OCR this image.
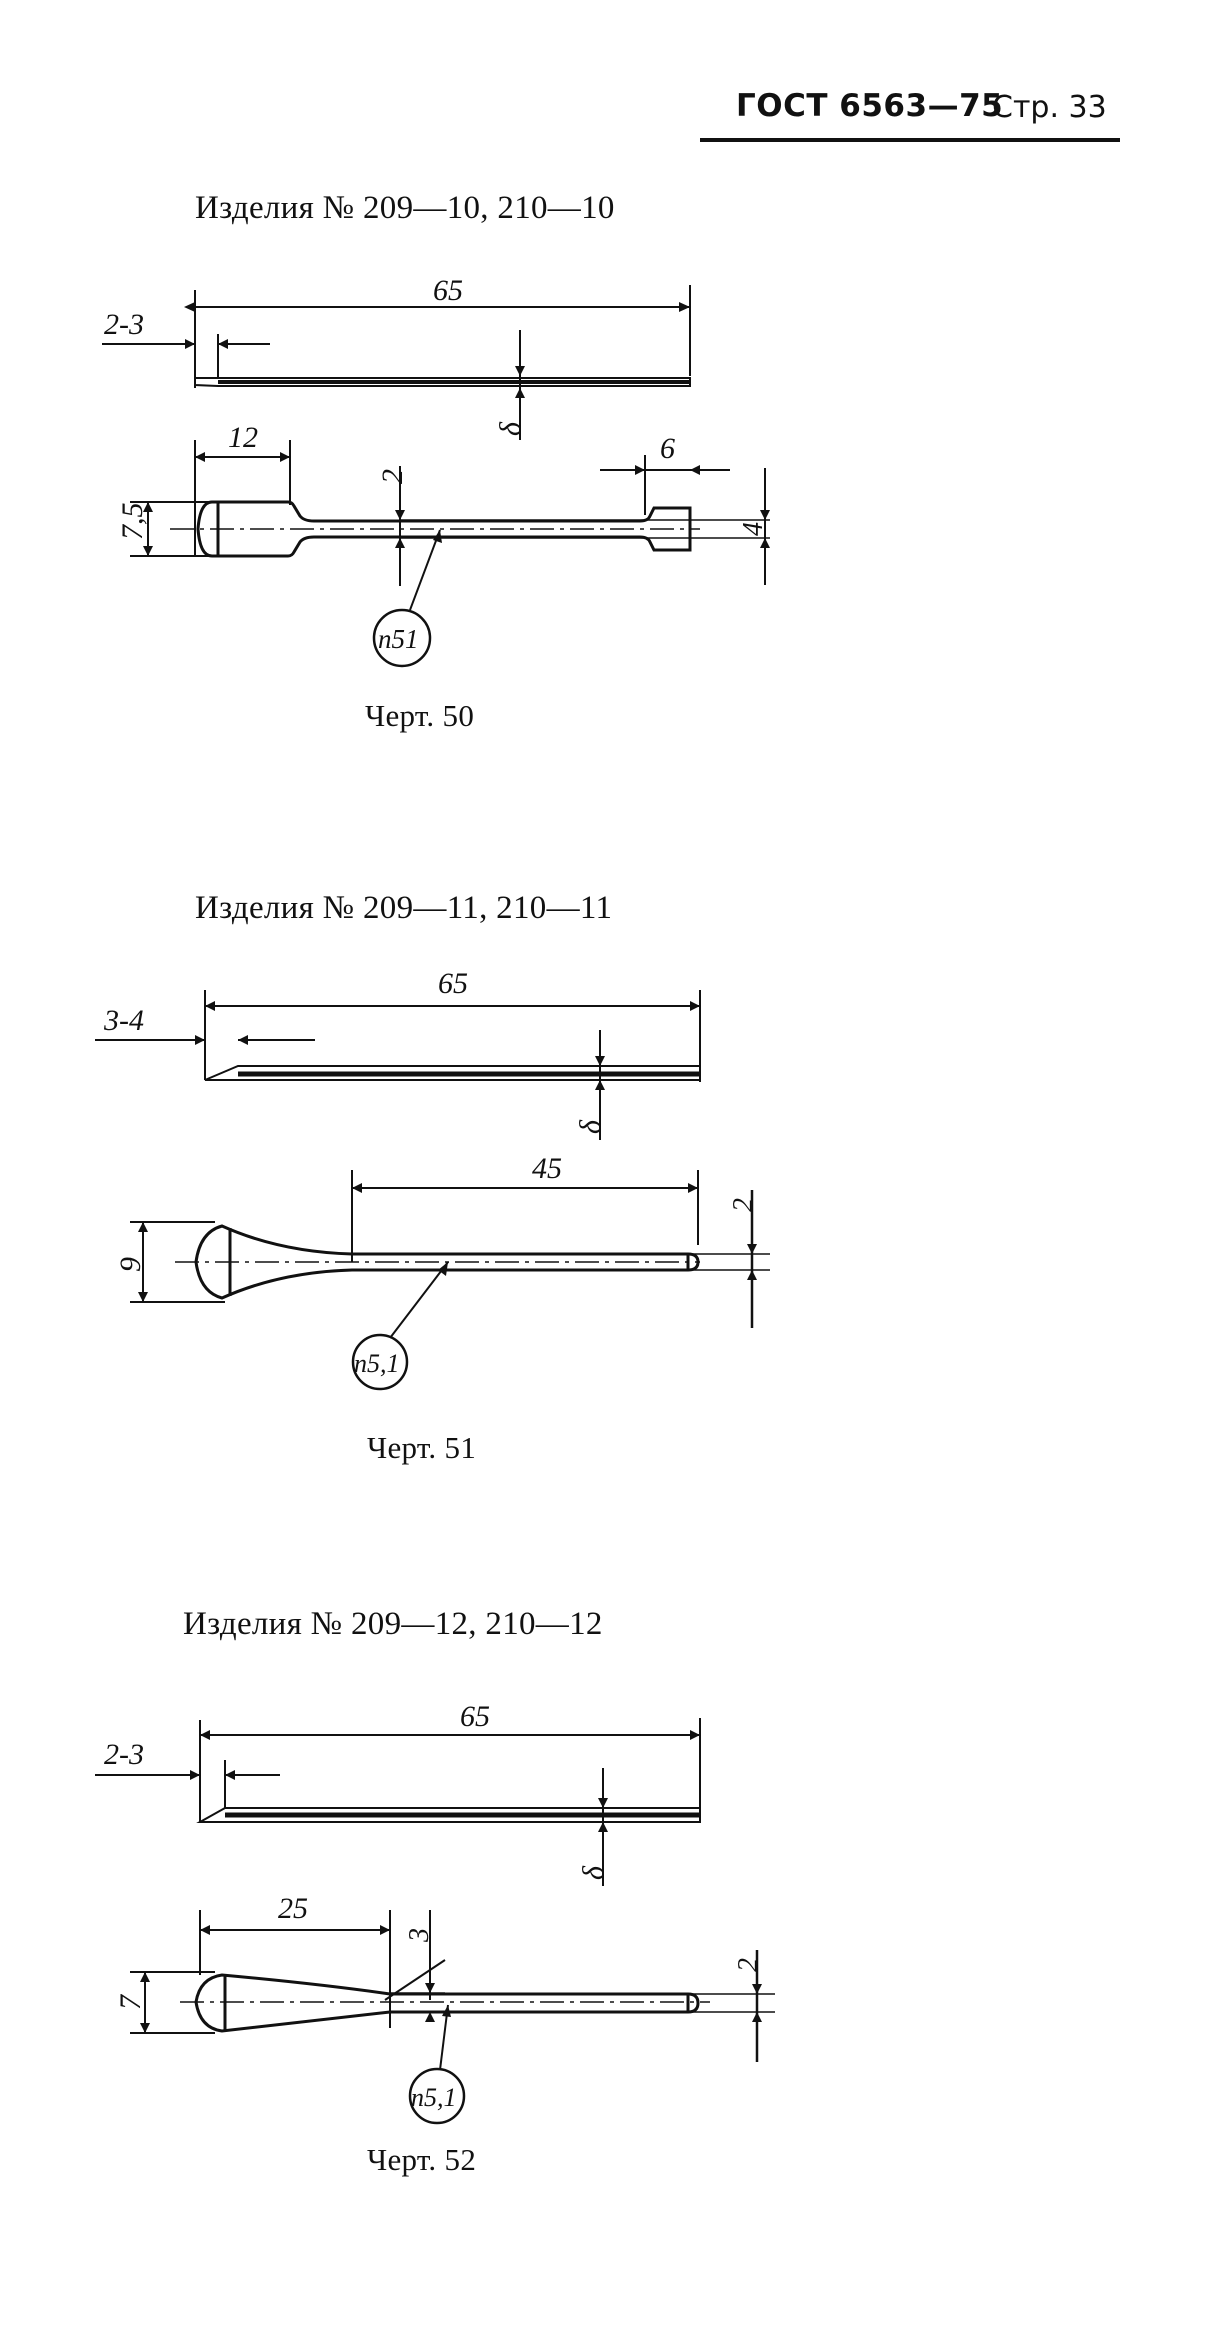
ГОСТ 6563—75
Стр. 33
Изделия № 209—10, 210—10
65
2-3
δ
12
7,5
2
6
4
п51
Черт. 50
Изделия № 209—11, 210—11
65
3-4
δ
45
9
2
п5,1
Черт. 51
Изделия № 209—12, 210—12
65
2-3
δ
25
3
7
2
п5,1
Черт. 52
